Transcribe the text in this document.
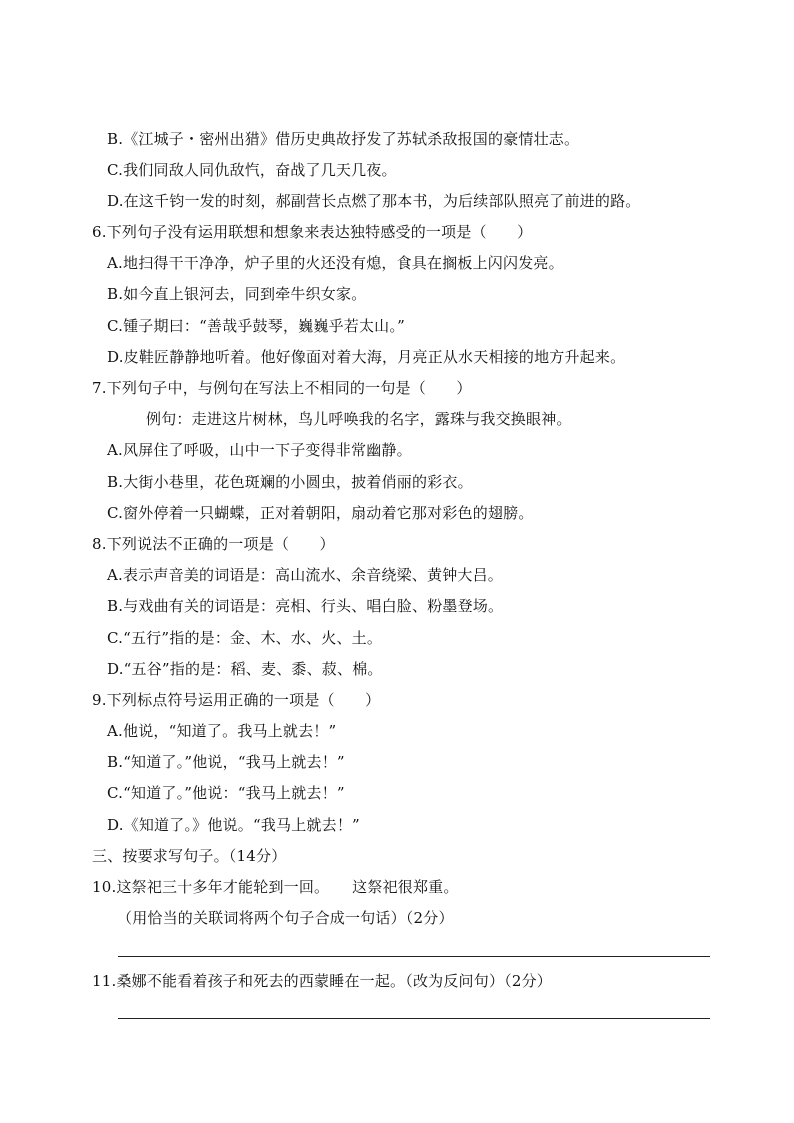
B.《江城子・密州出猎》借历史典故抒发了苏轼杀敌报国的豪情壮志。
C.我们同敌人同仇敌忾，奋战了几天几夜。
D.在这千钧一发的时刻，郝副营长点燃了那本书，为后续部队照亮了前进的路。
6.下列句子没有运用联想和想象来表达独特感受的一项是（　　）
A.地扫得干干净净，炉子里的火还没有熄，食具在搁板上闪闪发亮。
B.如今直上银河去，同到牵牛织女家。
C.锺子期曰：“善哉乎鼓琴，巍巍乎若太山。”
D.皮鞋匠静静地听着。他好像面对着大海，月亮正从水天相接的地方升起来。
7.下列句子中，与例句在写法上不相同的一句是（　　）
例句：走进这片树林，鸟儿呼唤我的名字，露珠与我交换眼神。
A.风屏住了呼吸，山中一下子变得非常幽静。
B.大街小巷里，花色斑斓的小圆虫，披着俏丽的彩衣。
C.窗外停着一只蝴蝶，正对着朝阳，扇动着它那对彩色的翅膀。
8.下列说法不正确的一项是（　　）
A.表示声音美的词语是：高山流水、余音绕梁、黄钟大吕。
B.与戏曲有关的词语是：亮相、行头、唱白脸、粉墨登场。
C.“五行”指的是：金、木、水、火、土。
D.“五谷”指的是：稻、麦、黍、菽、棉。
9.下列标点符号运用正确的一项是（　　）
A.他说，“知道了。我马上就去！”
B.“知道了。”他说，“我马上就去！”
C.“知道了。”他说：“我马上就去！”
D.《知道了。》他说。“我马上就去！”
三、按要求写句子。（14分）
10.这祭祀三十多年才能轮到一回。　　这祭祀很郑重。
（用恰当的关联词将两个句子合成一句话）（2分）
11.桑娜不能看着孩子和死去的西蒙睡在一起。（改为反问句）（2分）
